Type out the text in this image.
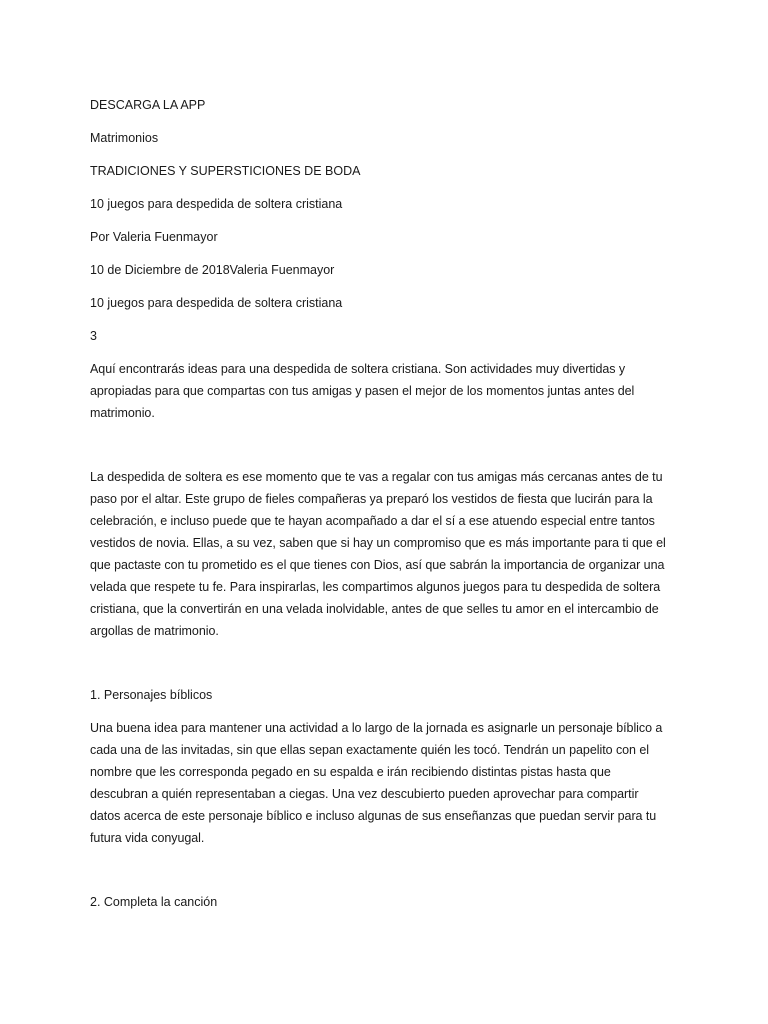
DESCARGA LA APP

Matrimonios

TRADICIONES Y SUPERSTICIONES DE BODA

10 juegos para despedida de soltera cristiana

Por Valeria Fuenmayor

10 de Diciembre de 2018Valeria Fuenmayor

10 juegos para despedida de soltera cristiana

3

Aquí encontrarás ideas para una despedida de soltera cristiana. Son actividades muy divertidas y
apropiadas para que compartas con tus amigas y pasen el mejor de los momentos juntas antes del
matrimonio.
La despedida de soltera es ese momento que te vas a regalar con tus amigas más cercanas antes de tu
paso por el altar. Este grupo de fieles compañeras ya preparó los vestidos de fiesta que lucirán para la
celebración, e incluso puede que te hayan acompañado a dar el sí a ese atuendo especial entre tantos
vestidos de novia. Ellas, a su vez, saben que si hay un compromiso que es más importante para ti que el
que pactaste con tu prometido es el que tienes con Dios, así que sabrán la importancia de organizar una
velada que respete tu fe. Para inspirarlas, les compartimos algunos juegos para tu despedida de soltera
cristiana, que la convertirán en una velada inolvidable, antes de que selles tu amor en el intercambio de
argollas de matrimonio.

1. Personajes bíblicos

Una buena idea para mantener una actividad a lo largo de la jornada es asignarle un personaje bíblico a
cada una de las invitadas, sin que ellas sepan exactamente quién les tocó. Tendrán un papelito con el
nombre que les corresponda pegado en su espalda e irán recibiendo distintas pistas hasta que
descubran a quién representaban a ciegas. Una vez descubierto pueden aprovechar para compartir
datos acerca de este personaje bíblico e incluso algunas de sus enseñanzas que puedan servir para tu
futura vida conyugal.

2. Completa la canción
